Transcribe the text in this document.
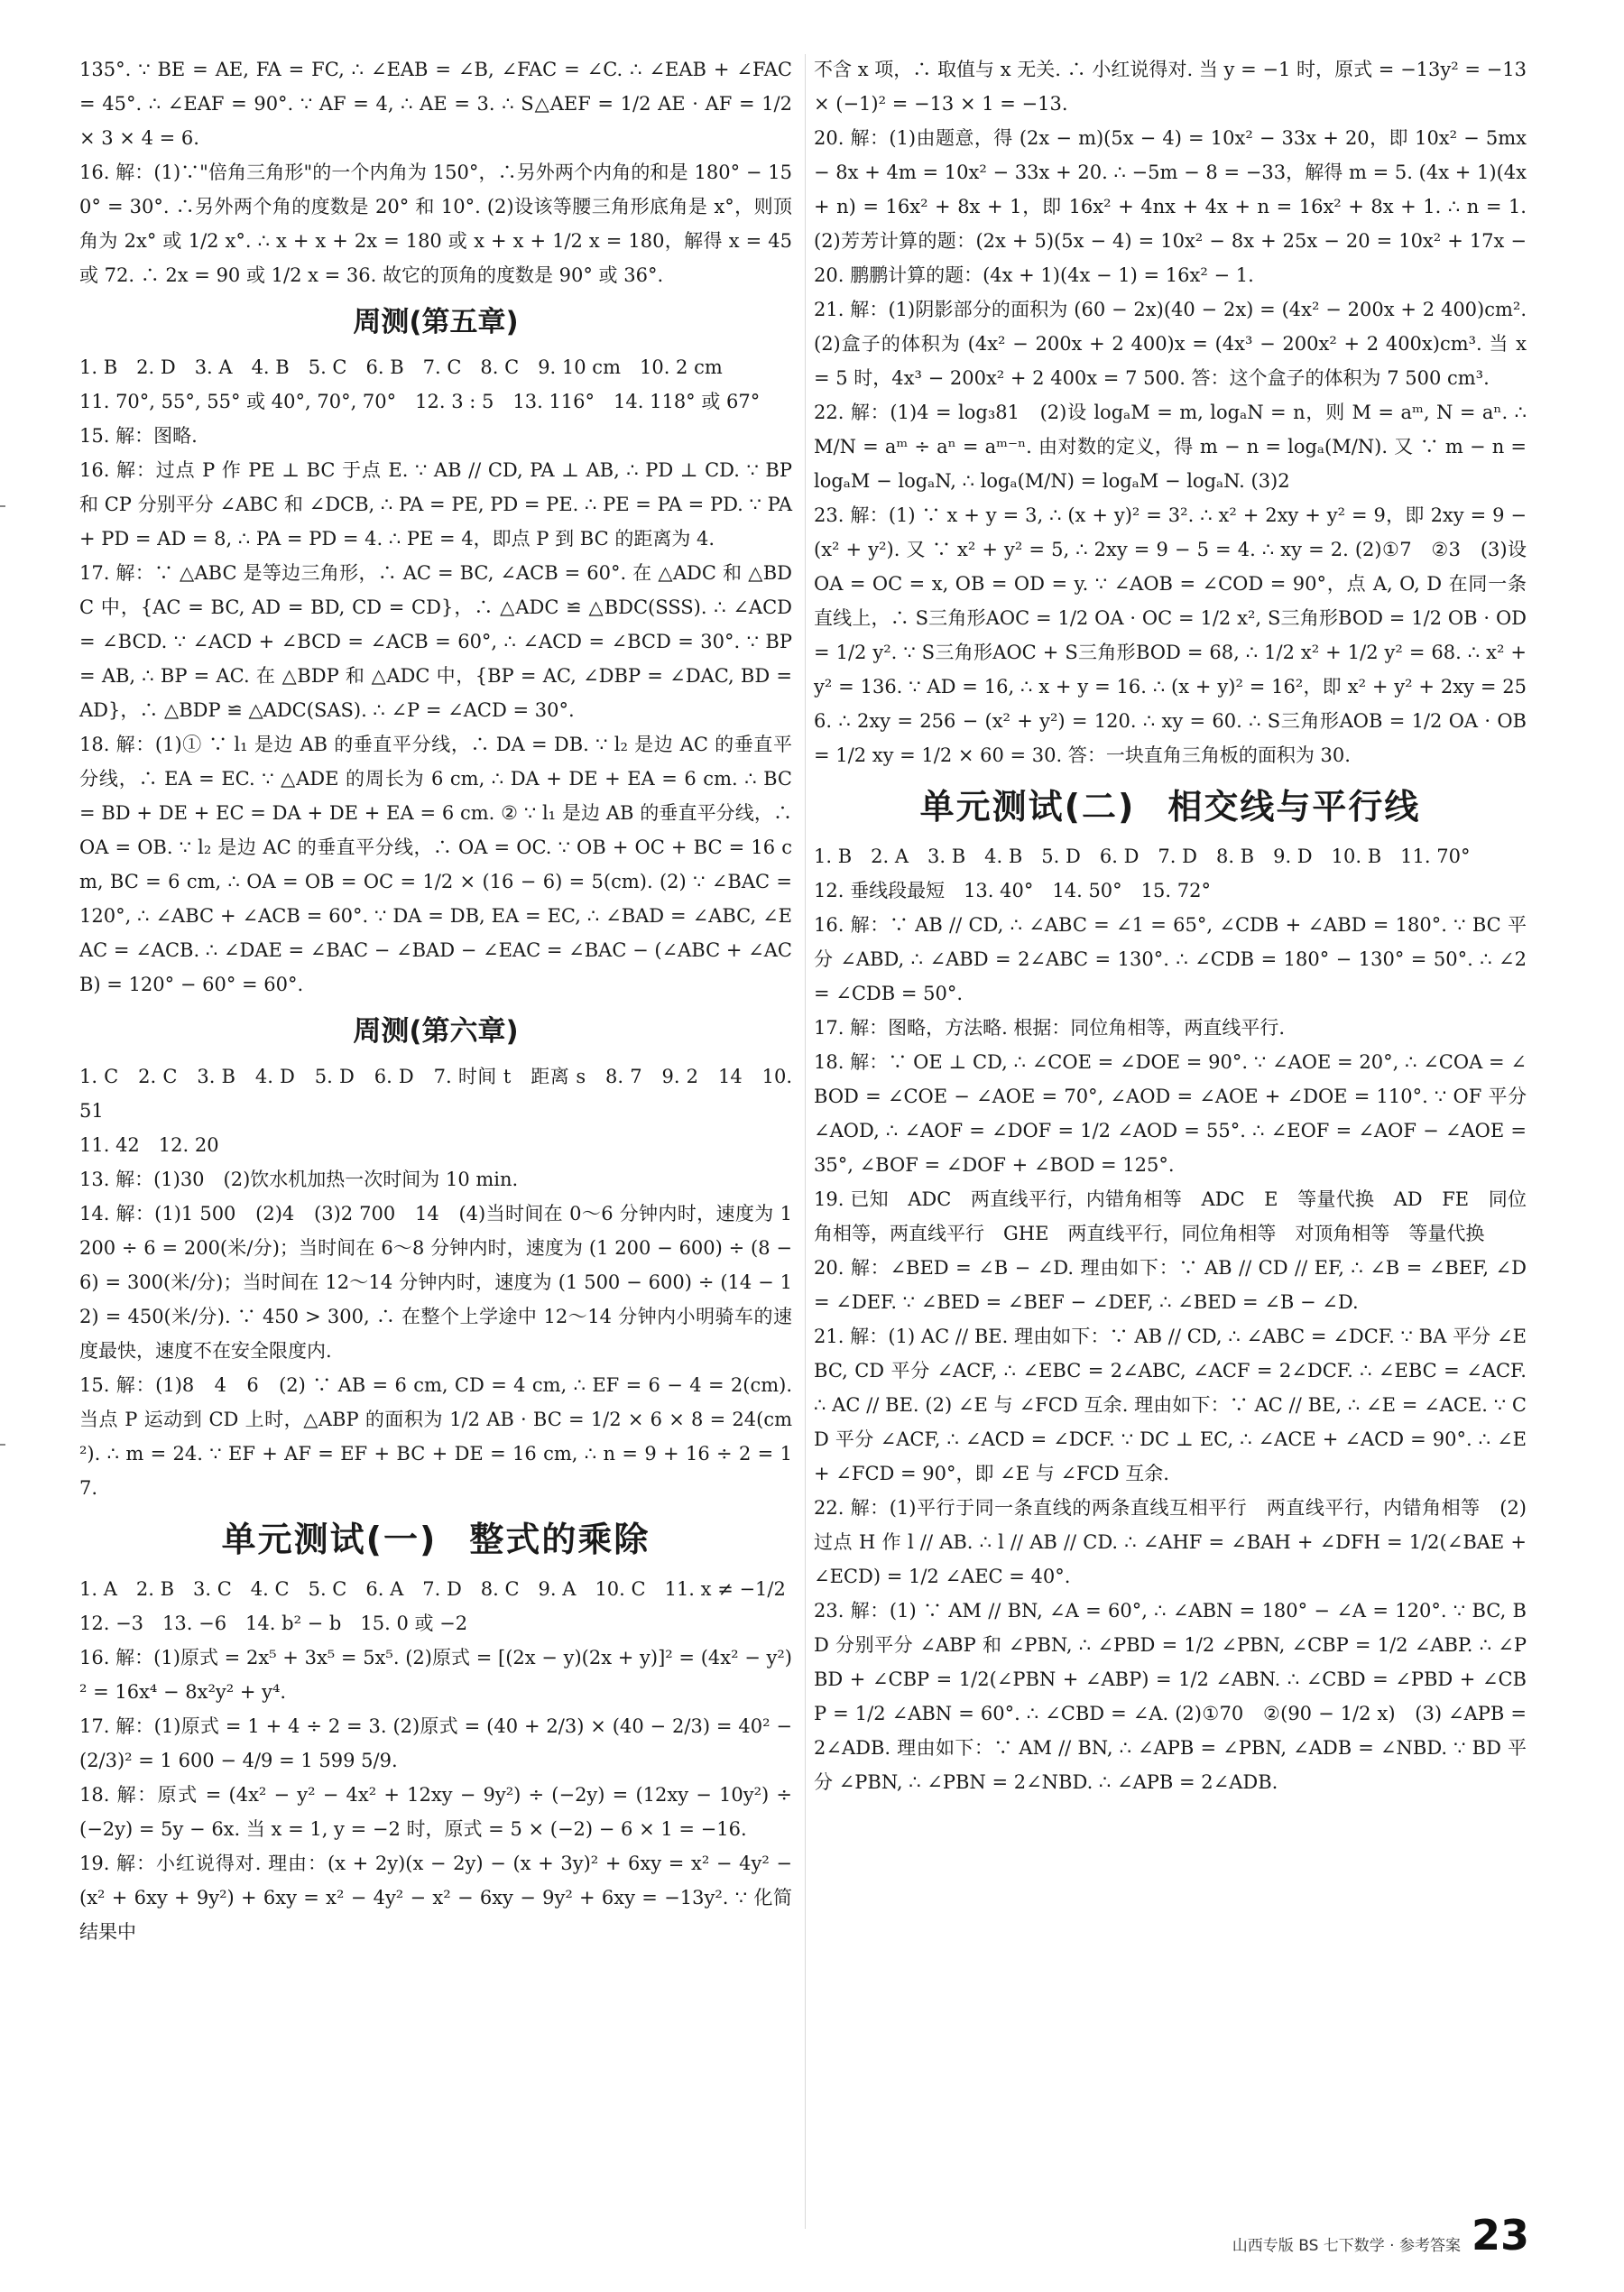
135°. ∵ BE = AE, FA = FC, ∴ ∠EAB = ∠B, ∠FAC = ∠C. ∴ ∠EAB + ∠FAC = 45°. ∴ ∠EAF = 90°. ∵ AF = 4, ∴ AE = 3. ∴ S△AEF = 1/2 AE · AF = 1/2 × 3 × 4 = 6.

16. 解：(1)∵"倍角三角形"的一个内角为 150°，∴另外两个内角的和是 180° − 150° = 30°. ∴另外两个角的度数是 20° 和 10°. (2)设该等腰三角形底角是 x°，则顶角为 2x° 或 1/2 x°. ∴ x + x + 2x = 180 或 x + x + 1/2 x = 180，解得 x = 45 或 72. ∴ 2x = 90 或 1/2 x = 36. 故它的顶角的度数是 90° 或 36°.

周测(第五章)

1. B　2. D　3. A　4. B　5. C　6. B　7. C　8. C　9. 10 cm　10. 2 cm

11. 70°, 55°, 55° 或 40°, 70°, 70°　12. 3 : 5　13. 116°　14. 118° 或 67°

15. 解：图略.

16. 解：过点 P 作 PE ⊥ BC 于点 E. ∵ AB // CD, PA ⊥ AB, ∴ PD ⊥ CD. ∵ BP 和 CP 分别平分 ∠ABC 和 ∠DCB, ∴ PA = PE, PD = PE. ∴ PE = PA = PD. ∵ PA + PD = AD = 8, ∴ PA = PD = 4. ∴ PE = 4，即点 P 到 BC 的距离为 4.

17. 解：∵ △ABC 是等边三角形，∴ AC = BC, ∠ACB = 60°. 在 △ADC 和 △BDC 中，{AC = BC, AD = BD, CD = CD}，∴ △ADC ≌ △BDC(SSS). ∴ ∠ACD = ∠BCD. ∵ ∠ACD + ∠BCD = ∠ACB = 60°, ∴ ∠ACD = ∠BCD = 30°. ∵ BP = AB, ∴ BP = AC. 在 △BDP 和 △ADC 中，{BP = AC, ∠DBP = ∠DAC, BD = AD}，∴ △BDP ≌ △ADC(SAS). ∴ ∠P = ∠ACD = 30°.

18. 解：(1)① ∵ l₁ 是边 AB 的垂直平分线，∴ DA = DB. ∵ l₂ 是边 AC 的垂直平分线，∴ EA = EC. ∵ △ADE 的周长为 6 cm, ∴ DA + DE + EA = 6 cm. ∴ BC = BD + DE + EC = DA + DE + EA = 6 cm. ② ∵ l₁ 是边 AB 的垂直平分线，∴ OA = OB. ∵ l₂ 是边 AC 的垂直平分线，∴ OA = OC. ∵ OB + OC + BC = 16 cm, BC = 6 cm, ∴ OA = OB = OC = 1/2 × (16 − 6) = 5(cm). (2) ∵ ∠BAC = 120°, ∴ ∠ABC + ∠ACB = 60°. ∵ DA = DB, EA = EC, ∴ ∠BAD = ∠ABC, ∠EAC = ∠ACB. ∴ ∠DAE = ∠BAC − ∠BAD − ∠EAC = ∠BAC − (∠ABC + ∠ACB) = 120° − 60° = 60°.

周测(第六章)

1. C　2. C　3. B　4. D　5. D　6. D　7. 时间 t　距离 s　8. 7　9. 2　14　10. 51

11. 42　12. 20

13. 解：(1)30　(2)饮水机加热一次时间为 10 min.

14. 解：(1)1 500　(2)4　(3)2 700　14　(4)当时间在 0～6 分钟内时，速度为 1 200 ÷ 6 = 200(米/分)；当时间在 6～8 分钟内时，速度为 (1 200 − 600) ÷ (8 − 6) = 300(米/分)；当时间在 12～14 分钟内时，速度为 (1 500 − 600) ÷ (14 − 12) = 450(米/分). ∵ 450 > 300, ∴ 在整个上学途中 12～14 分钟内小明骑车的速度最快，速度不在安全限度内.

15. 解：(1)8　4　6　(2) ∵ AB = 6 cm, CD = 4 cm, ∴ EF = 6 − 4 = 2(cm). 当点 P 运动到 CD 上时，△ABP 的面积为 1/2 AB · BC = 1/2 × 6 × 8 = 24(cm²). ∴ m = 24. ∵ EF + AF = EF + BC + DE = 16 cm, ∴ n = 9 + 16 ÷ 2 = 17.

单元测试(一) 整式的乘除

1. A　2. B　3. C　4. C　5. C　6. A　7. D　8. C　9. A　10. C　11. x ≠ −1/2

12. −3　13. −6　14. b² − b　15. 0 或 −2

16. 解：(1)原式 = 2x⁵ + 3x⁵ = 5x⁵. (2)原式 = [(2x − y)(2x + y)]² = (4x² − y²)² = 16x⁴ − 8x²y² + y⁴.

17. 解：(1)原式 = 1 + 4 ÷ 2 = 3. (2)原式 = (40 + 2/3) × (40 − 2/3) = 40² − (2/3)² = 1 600 − 4/9 = 1 599 5/9.

18. 解：原式 = (4x² − y² − 4x² + 12xy − 9y²) ÷ (−2y) = (12xy − 10y²) ÷ (−2y) = 5y − 6x. 当 x = 1, y = −2 时，原式 = 5 × (−2) − 6 × 1 = −16.

19. 解：小红说得对. 理由：(x + 2y)(x − 2y) − (x + 3y)² + 6xy = x² − 4y² − (x² + 6xy + 9y²) + 6xy = x² − 4y² − x² − 6xy − 9y² + 6xy = −13y². ∵ 化简结果中

不含 x 项，∴ 取值与 x 无关. ∴ 小红说得对. 当 y = −1 时，原式 = −13y² = −13 × (−1)² = −13 × 1 = −13.

20. 解：(1)由题意，得 (2x − m)(5x − 4) = 10x² − 33x + 20，即 10x² − 5mx − 8x + 4m = 10x² − 33x + 20. ∴ −5m − 8 = −33，解得 m = 5. (4x + 1)(4x + n) = 16x² + 8x + 1，即 16x² + 4nx + 4x + n = 16x² + 8x + 1. ∴ n = 1. (2)芳芳计算的题：(2x + 5)(5x − 4) = 10x² − 8x + 25x − 20 = 10x² + 17x − 20. 鹏鹏计算的题：(4x + 1)(4x − 1) = 16x² − 1.

21. 解：(1)阴影部分的面积为 (60 − 2x)(40 − 2x) = (4x² − 200x + 2 400)cm². (2)盒子的体积为 (4x² − 200x + 2 400)x = (4x³ − 200x² + 2 400x)cm³. 当 x = 5 时，4x³ − 200x² + 2 400x = 7 500. 答：这个盒子的体积为 7 500 cm³.

22. 解：(1)4 = log₃81　(2)设 logₐM = m, logₐN = n，则 M = aᵐ, N = aⁿ. ∴ M/N = aᵐ ÷ aⁿ = aᵐ⁻ⁿ. 由对数的定义，得 m − n = logₐ(M/N). 又 ∵ m − n = logₐM − logₐN, ∴ logₐ(M/N) = logₐM − logₐN. (3)2

23. 解：(1) ∵ x + y = 3, ∴ (x + y)² = 3². ∴ x² + 2xy + y² = 9，即 2xy = 9 − (x² + y²). 又 ∵ x² + y² = 5, ∴ 2xy = 9 − 5 = 4. ∴ xy = 2. (2)①7　②3　(3)设 OA = OC = x, OB = OD = y. ∵ ∠AOB = ∠COD = 90°，点 A, O, D 在同一条直线上，∴ S三角形AOC = 1/2 OA · OC = 1/2 x², S三角形BOD = 1/2 OB · OD = 1/2 y². ∵ S三角形AOC + S三角形BOD = 68, ∴ 1/2 x² + 1/2 y² = 68. ∴ x² + y² = 136. ∵ AD = 16, ∴ x + y = 16. ∴ (x + y)² = 16²，即 x² + y² + 2xy = 256. ∴ 2xy = 256 − (x² + y²) = 120. ∴ xy = 60. ∴ S三角形AOB = 1/2 OA · OB = 1/2 xy = 1/2 × 60 = 30. 答：一块直角三角板的面积为 30.

单元测试(二) 相交线与平行线

1. B　2. A　3. B　4. B　5. D　6. D　7. D　8. B　9. D　10. B　11. 70°

12. 垂线段最短　13. 40°　14. 50°　15. 72°

16. 解：∵ AB // CD, ∴ ∠ABC = ∠1 = 65°, ∠CDB + ∠ABD = 180°. ∵ BC 平分 ∠ABD, ∴ ∠ABD = 2∠ABC = 130°. ∴ ∠CDB = 180° − 130° = 50°. ∴ ∠2 = ∠CDB = 50°.

17. 解：图略，方法略. 根据：同位角相等，两直线平行.

18. 解：∵ OE ⊥ CD, ∴ ∠COE = ∠DOE = 90°. ∵ ∠AOE = 20°, ∴ ∠COA = ∠BOD = ∠COE − ∠AOE = 70°, ∠AOD = ∠AOE + ∠DOE = 110°. ∵ OF 平分 ∠AOD, ∴ ∠AOF = ∠DOF = 1/2 ∠AOD = 55°. ∴ ∠EOF = ∠AOF − ∠AOE = 35°, ∠BOF = ∠DOF + ∠BOD = 125°.

19. 已知　ADC　两直线平行，内错角相等　ADC　E　等量代换　AD　FE　同位角相等，两直线平行　GHE　两直线平行，同位角相等　对顶角相等　等量代换

20. 解：∠BED = ∠B − ∠D. 理由如下：∵ AB // CD // EF, ∴ ∠B = ∠BEF, ∠D = ∠DEF. ∵ ∠BED = ∠BEF − ∠DEF, ∴ ∠BED = ∠B − ∠D.

21. 解：(1) AC // BE. 理由如下：∵ AB // CD, ∴ ∠ABC = ∠DCF. ∵ BA 平分 ∠EBC, CD 平分 ∠ACF, ∴ ∠EBC = 2∠ABC, ∠ACF = 2∠DCF. ∴ ∠EBC = ∠ACF. ∴ AC // BE. (2) ∠E 与 ∠FCD 互余. 理由如下：∵ AC // BE, ∴ ∠E = ∠ACE. ∵ CD 平分 ∠ACF, ∴ ∠ACD = ∠DCF. ∵ DC ⊥ EC, ∴ ∠ACE + ∠ACD = 90°. ∴ ∠E + ∠FCD = 90°，即 ∠E 与 ∠FCD 互余.

22. 解：(1)平行于同一条直线的两条直线互相平行　两直线平行，内错角相等　(2)过点 H 作 l // AB. ∴ l // AB // CD. ∴ ∠AHF = ∠BAH + ∠DFH = 1/2(∠BAE + ∠ECD) = 1/2 ∠AEC = 40°.

23. 解：(1) ∵ AM // BN, ∠A = 60°, ∴ ∠ABN = 180° − ∠A = 120°. ∵ BC, BD 分别平分 ∠ABP 和 ∠PBN, ∴ ∠PBD = 1/2 ∠PBN, ∠CBP = 1/2 ∠ABP. ∴ ∠PBD + ∠CBP = 1/2(∠PBN + ∠ABP) = 1/2 ∠ABN. ∴ ∠CBD = ∠PBD + ∠CBP = 1/2 ∠ABN = 60°. ∴ ∠CBD = ∠A. (2)①70　②(90 − 1/2 x)　(3) ∠APB = 2∠ADB. 理由如下：∵ AM // BN, ∴ ∠APB = ∠PBN, ∠ADB = ∠NBD. ∵ BD 平分 ∠PBN, ∴ ∠PBN = 2∠NBD. ∴ ∠APB = 2∠ADB.

山西专版 BS 七下数学 · 参考答案 23
